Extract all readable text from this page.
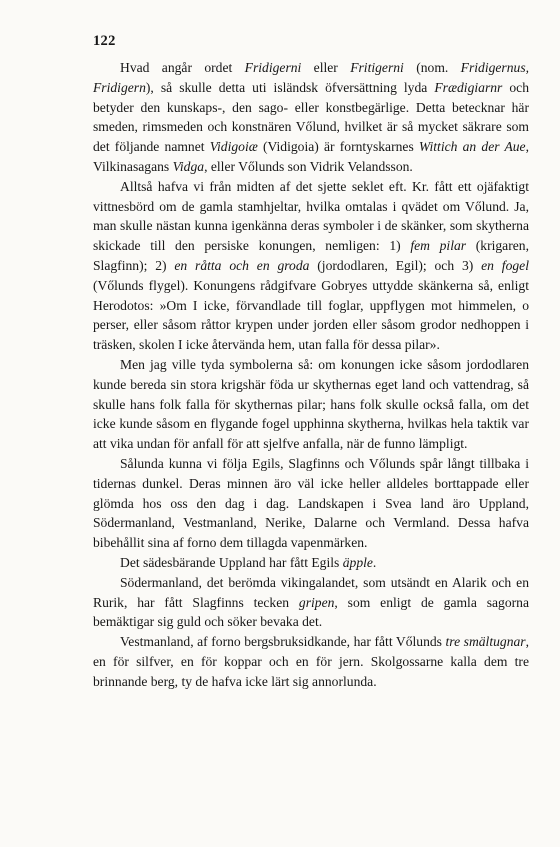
122

Hvad angår ordet Fridigerni eller Fritigerni (nom. Fridigernus, Fridigern), så skulle detta uti isländsk öfversättning lyda Frædigiarnr och betyder den kunskaps-, den sago- eller konstbegärlige. Detta betecknar här smeden, rimsmeden och konstnären Vőlund, hvilket är så mycket säkrare som det följande namnet Vidigoiæ (Vidigoia) är forntyskarnes Wittich an der Aue, Vilkinasagans Vidga, eller Vőlunds son Vidrik Velandsson.

Alltså hafva vi från midten af det sjette seklet eft. Kr. fått ett ojäfaktigt vittnesbörd om de gamla stamhjeltar, hvilka omtalas i qvädet om Vőlund. Ja, man skulle nästan kunna igenkänna deras symboler i de skänker, som skytherna skickade till den persiske konungen, nemligen: 1) fem pilar (krigaren, Slagfinn); 2) en råtta och en groda (jordodlaren, Egil); och 3) en fogel (Vőlunds flygel). Konungens rådgifvare Gobryes uttydde skänkerna så, enligt Herodotos: »Om I icke, förvandlade till foglar, uppflygen mot himmelen, o perser, eller såsom råttor krypen under jorden eller såsom grodor nedhoppen i träsken, skolen I icke återvända hem, utan falla för dessa pilar».

Men jag ville tyda symbolerna så: om konungen icke såsom jordodlaren kunde bereda sin stora krigshär föda ur skythernas eget land och vattendrag, så skulle hans folk falla för skythernas pilar; hans folk skulle också falla, om det icke kunde såsom en flygande fogel upphinna skytherna, hvilkas hela taktik var att vika undan för anfall för att sjelfve anfalla, när de funno lämpligt.

Sålunda kunna vi följa Egils, Slagfinns och Vőlunds spår långt tillbaka i tidernas dunkel. Deras minnen äro väl icke heller alldeles borttappade eller glömda hos oss den dag i dag. Landskapen i Svea land äro Uppland, Södermanland, Vestmanland, Nerike, Dalarne och Vermland. Dessa hafva bibehållit sina af forno dem tillagda vapenmärken.

Det sädesbärande Uppland har fått Egils äpple.

Södermanland, det berömda vikingalandet, som utsändt en Alarik och en Rurik, har fått Slagfinns tecken gripen, som enligt de gamla sagorna bemäktigar sig guld och söker bevaka det.

Vestmanland, af forno bergsbruksidkande, har fått Vőlunds tre smältugnar, en för silfver, en för koppar och en för jern. Skolgossarne kalla dem tre brinnande berg, ty de hafva icke lärt sig annorlunda.
